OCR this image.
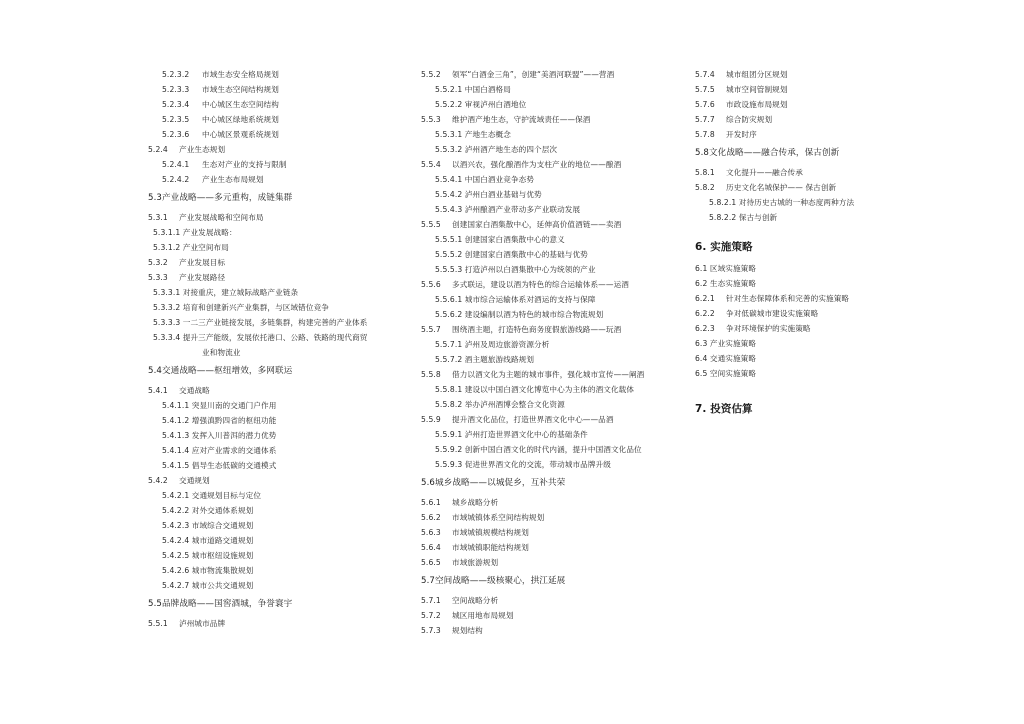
5.2.3.2	市域生态安全格局规划
5.2.3.3	市域生态空间结构规划
5.2.3.4	中心城区生态空间结构
5.2.3.5	中心城区绿地系统规划
5.2.3.6	中心城区景观系统规划
5.2.4	产业生态规划
5.2.4.1	生态对产业的支持与限制
5.2.4.2	产业生态布局规划
5.3产业战略——多元重构，成链集群
5.3.1	产业发展战略和空间布局
5.3.1.1 产业发展战略：
5.3.1.2 产业空间布局
5.3.2	产业发展目标
5.3.3	产业发展路径
5.3.3.1 对接重庆，建立城际战略产业链条
5.3.3.2 培育和创建新兴产业集群，与区域错位竞争
5.3.3.3 一二三产业链接发展，多链集群，构建完善的产业体系
5.3.3.4 提升三产能级，发展依托港口、公路、铁路的现代商贸
业和物流业
5.4交通战略——枢纽增效，多网联运
5.4.1	交通战略
5.4.1.1 突显川南的交通门户作用
5.4.1.2 增强滇黔四省的枢纽功能
5.4.1.3 发挥入川普洱的潜力优势
5.4.1.4 应对产业需求的交通体系
5.4.1.5 倡导生态低碳的交通模式
5.4.2	交通规划
5.4.2.1 交通规划目标与定位
5.4.2.2 对外交通体系规划
5.4.2.3 市域综合交通规划
5.4.2.4 城市道路交通规划
5.4.2.5 城市枢纽设施规划
5.4.2.6 城市物流集散规划
5.4.2.7 城市公共交通规划
5.5品牌战略——国窖酒城，争誉寰宇
5.5.1	泸州城市品牌
5.5.2	领军“白酒金三角”，创建“美酒河联盟”——营酒
5.5.2.1 中国白酒格局
5.5.2.2 审视泸州白酒地位
5.5.3	维护酒产地生态，守护流域责任——保酒
5.5.3.1 产地生态概念
5.5.3.2 泸州酒产地生态的四个层次
5.5.4	以酒兴农，强化酿酒作为支柱产业的地位——酿酒
5.5.4.1 中国白酒业竞争态势
5.5.4.2 泸州白酒业基础与优势
5.5.4.3 泸州酿酒产业带动多产业联动发展
5.5.5	创建国家白酒集散中心，延伸高价值酒链——卖酒
5.5.5.1 创建国家白酒集散中心的意义
5.5.5.2 创建国家白酒集散中心的基础与优势
5.5.5.3 打造泸州以白酒集散中心为统领的产业
5.5.6	多式联运，建设以酒为特色的综合运输体系——运酒
5.5.6.1 城市综合运输体系对酒运的支持与保障
5.5.6.2 建设编制以酒为特色的城市综合物流规划
5.5.7	围绕酒主题，打造特色商务度假旅游线路——玩酒
5.5.7.1 泸州及周边旅游资源分析
5.5.7.2 酒主题旅游线路规划
5.5.8	借力以酒文化为主题的城市事件，强化城市宣传——阐酒
5.5.8.1 建设以中国白酒文化博览中心为主体的酒文化载体
5.5.8.2 举办泸州酒博会整合文化资源
5.5.9	提升酒文化品位，打造世界酒文化中心——品酒
5.5.9.1 泸州打造世界酒文化中心的基础条件
5.5.9.2 创新中国白酒文化的时代内涵，提升中国酒文化品位
5.5.9.3 促进世界酒文化的交流，带动城市品牌升级
5.6城乡战略——以城促乡，互补共荣
5.6.1	城乡战略分析
5.6.2	市域城镇体系空间结构规划
5.6.3	市域城镇规模结构规划
5.6.4	市域城镇职能结构规划
5.6.5	市域旅游规划
5.7空间战略——级核聚心，拱江延展
5.7.1	空间战略分析
5.7.2	城区用地布局规划
5.7.3	规划结构
5.7.4	城市组团分区规划
5.7.5	城市空间管制规划
5.7.6	市政设施布局规划
5.7.7	综合防灾规划
5.7.8	开发时序
5.8文化战略——融合传承，保古创新
5.8.1	文化提升——融合传承
5.8.2	历史文化名城保护—— 保古创新
5.8.2.1 对待历史古城的一种态度两种方法
5.8.2.2 保古与创新
6. 实施策略
6.1 区域实施策略
6.2 生态实施策略
6.2.1	针对生态保障体系和完善的实施策略
6.2.2	争对低碳城市建设实施策略
6.2.3	争对环境保护的实施策略
6.3 产业实施策略
6.4 交通实施策略
6.5 空间实施策略
7. 投资估算
